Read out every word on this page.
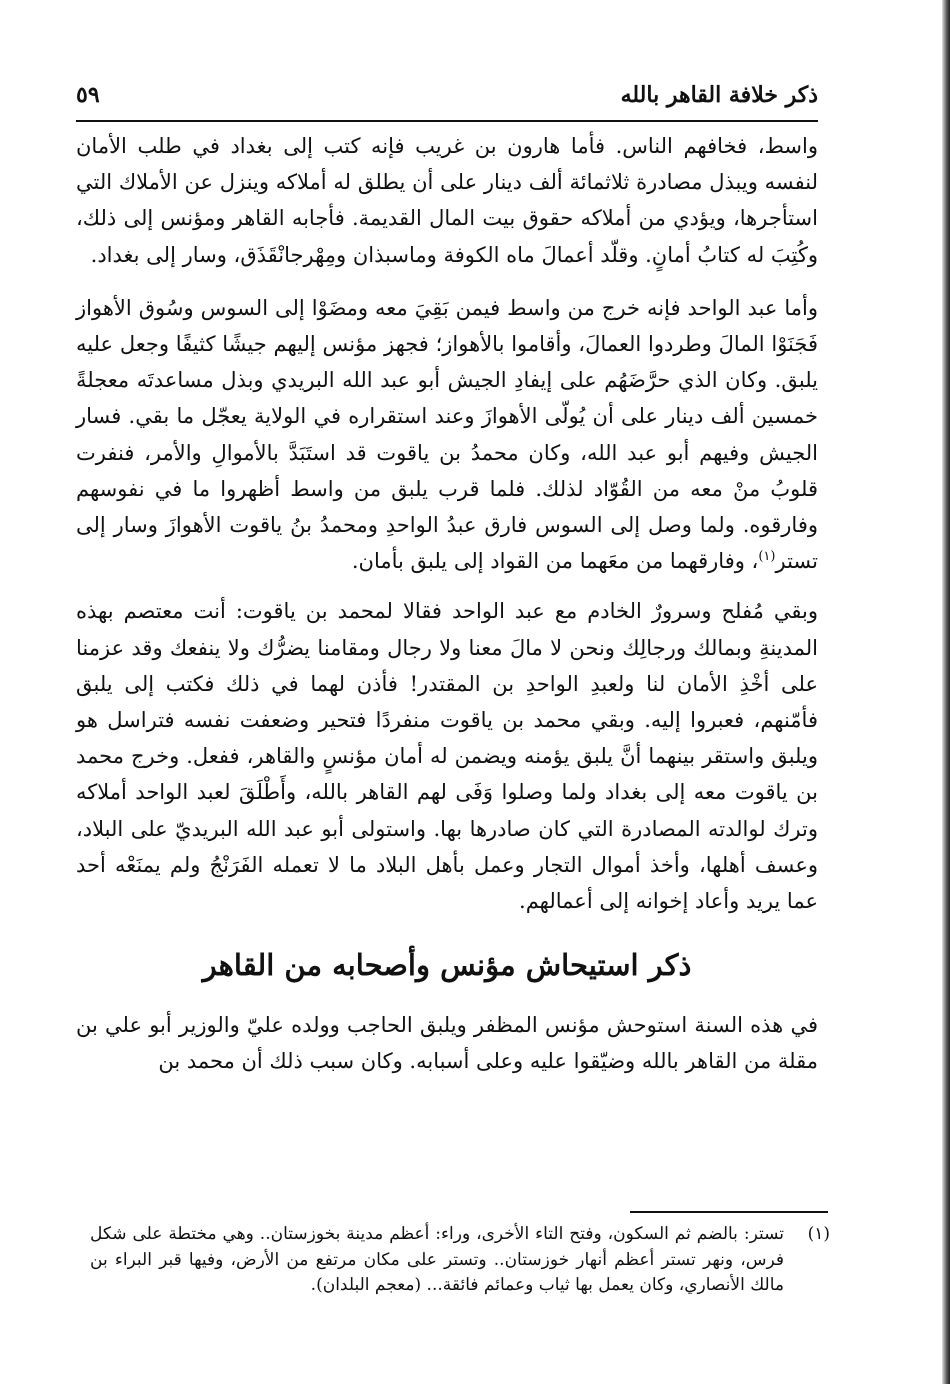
ذكر خلافة القاهر بالله
٥٩

واسط، فخافهم الناس. فأما هارون بن غريب فإنه كتب إلى بغداد في طلب الأمان لنفسه ويبذل مصادرة ثلاثمائة ألف دينار على أن يطلق له أملاكه وينزل عن الأملاك التي استأجرها، ويؤدي من أملاكه حقوق بيت المال القديمة. فأجابه القاهر ومؤنس إلى ذلك، وكُتِبَ له كتابُ أمانٍ. وقلّد أعمالَ ماه الكوفة وماسبذان ومِهْرجانْقَذَق، وسار إلى بغداد.

وأما عبد الواحد فإنه خرج من واسط فيمن بَقِيَ معه ومضَوْا إلى السوس وسُوق الأهواز فَجَنَوْا المالَ وطردوا العمالَ، وأقاموا بالأهواز؛ فجهز مؤنس إليهم جيشًا كثيفًا وجعل عليه يلبق. وكان الذي حرَّضَهُم على إيفادِ الجيش أبو عبد الله البريدي وبذل مساعدتَه معجلةً خمسين ألف دينار على أن يُولّى الأهوازَ وعند استقراره في الولاية يعجّل ما بقي. فسار الجيش وفيهم أبو عبد الله، وكان محمدُ بن ياقوت قد استَبَدَّ بالأموالِ والأمر، فنفرت قلوبُ منْ معه من القُوّاد لذلك. فلما قرب يلبق من واسط أظهروا ما في نفوسهم وفارقوه. ولما وصل إلى السوس فارق عبدُ الواحدِ ومحمدُ بنُ ياقوت الأهوازَ وسار إلى تستر$^{(١)}$، وفارقهما من معَهما من القواد إلى يلبق بأمان.

وبقي مُفلح وسرورٌ الخادم مع عبد الواحد فقالا لمحمد بن ياقوت: أنت معتصم بهذه المدينةِ وبمالك ورجالِك ونحن لا مالَ معنا ولا رجال ومقامنا يضرُّك ولا ينفعك وقد عزمنا على أخْذِ الأمان لنا ولعبدِ الواحدِ بن المقتدر! فأذن لهما في ذلك فكتب إلى يلبق فأمّنهم، فعبروا إليه. وبقي محمد بن ياقوت منفردًا فتحير وضعفت نفسه فتراسل هو ويلبق واستقر بينهما أنَّ يلبق يؤمنه ويضمن له أمان مؤنسٍ والقاهر، ففعل. وخرج محمد بن ياقوت معه إلى بغداد ولما وصلوا وَفَى لهم القاهر بالله، وأَطْلَقَ لعبد الواحد أملاكه وترك لوالدته المصادرة التي كان صادرها بها. واستولى أبو عبد الله البريديّ على البلاد، وعسف أهلها، وأخذ أموال التجار وعمل بأهل البلاد ما لا تعمله الفَرَنْجُ ولم يمنَعْه أحد عما يريد وأعاد إخوانه إلى أعمالهم.

ذكر استيحاش مؤنس وأصحابه من القاهر

في هذه السنة استوحش مؤنس المظفر ويلبق الحاجب وولده عليّ والوزير أبو علي بن مقلة من القاهر بالله وضيّقوا عليه وعلى أسبابه. وكان سبب ذلك أن محمد بن

(١)
تستر: بالضم ثم السكون، وفتح التاء الأخرى، وراء: أعظم مدينة بخوزستان.. وهي مختطة على شكل فرس، ونهر تستر أعظم أنهار خوزستان.. وتستر على مكان مرتفع من الأرض، وفيها قبر البراء بن مالك الأنصاري، وكان يعمل بها ثياب وعمائم فائقة... (معجم البلدان).
